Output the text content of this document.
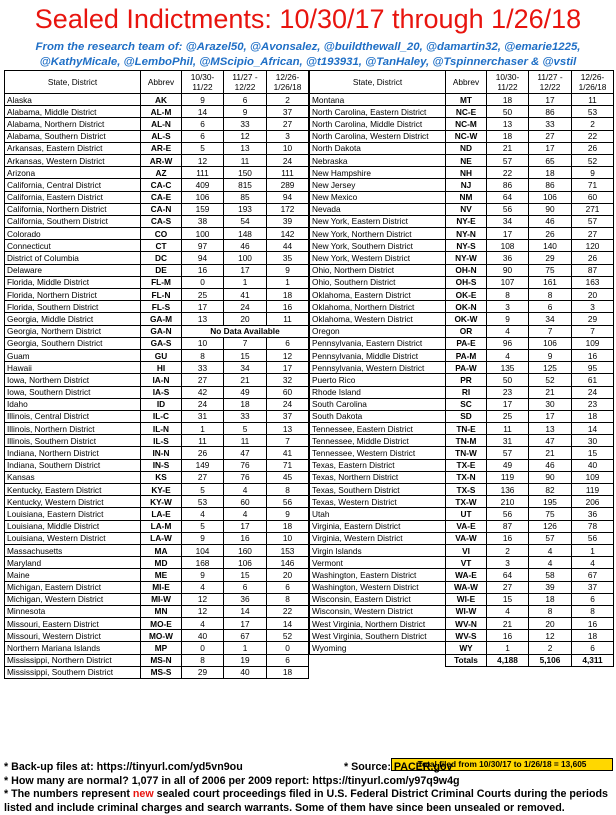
Sealed Indictments: 10/30/17 through 1/26/18
From the research team of: @Arazel50, @Avonsalez, @buildthewall_20, @damartin32, @emarie1225,
@KathyMicale, @LemboPhil, @MScipio_African, @t193931, @TanHaley, @Tspinnerchaser & @vstil
State, District	Abbrev	10/30-11/22	11/27 - 12/22	12/26-1/26/18
Alaska	AK	9	6	2
Alabama, Middle District	AL-M	14	9	37
Alabama, Northern District	AL-N	6	33	27
Alabama, Southern District	AL-S	6	12	3
Arkansas, Eastern District	AR-E	5	13	10
Arkansas, Western District	AR-W	12	11	24
Arizona	AZ	111	150	111
California, Central District	CA-C	409	815	289
California, Eastern District	CA-E	106	85	94
California, Northern District	CA-N	159	193	172
California, Southern District	CA-S	38	54	39
Colorado	CO	100	148	142
Connecticut	CT	97	46	44
District of Columbia	DC	94	100	35
Delaware	DE	16	17	9
Florida, Middle District	FL-M	0	1	1
Florida, Northern District	FL-N	25	41	18
Florida, Southern District	FL-S	17	24	16
Georgia, Middle District	GA-M	13	20	11
Georgia, Northern District	GA-N	No Data Available		
Georgia, Southern District	GA-S	10	7	6
Guam	GU	8	15	12
Hawaii	HI	33	34	17
Iowa, Northern District	IA-N	27	21	32
Iowa, Southern District	IA-S	42	49	60
Idaho	ID	24	18	24
Illinois, Central District	IL-C	31	33	37
Illinois, Northern District	IL-N	1	5	13
Illinois, Southern District	IL-S	11	11	7
Indiana, Northern District	IN-N	26	47	41
Indiana, Southern District	IN-S	149	76	71
Kansas	KS	27	76	45
Kentucky, Eastern District	KY-E	5	4	8
Kentucky, Western District	KY-W	53	60	56
Louisiana, Eastern District	LA-E	4	4	9
Louisiana, Middle District	LA-M	5	17	18
Louisiana, Western District	LA-W	9	16	10
Massachusetts	MA	104	160	153
Maryland	MD	168	106	146
Maine	ME	9	15	20
Michigan, Eastern District	MI-E	4	6	6
Michigan, Western District	MI-W	12	36	8
Minnesota	MN	12	14	22
Missouri, Eastern District	MO-E	4	17	14
Missouri, Western District	MO-W	40	67	52
Northern Mariana Islands	MP	0	1	0
Mississippi, Northern District	MS-N	8	19	6
Mississippi, Southern District	MS-S	29	40	18
State, District	Abbrev	10/30-11/22	11/27 - 12/22	12/26-1/26/18
Montana	MT	18	17	11
North Carolina, Eastern District	NC-E	50	86	53
North Carolina, Middle District	NC-M	13	33	2
North Carolina, Western District	NC-W	18	27	22
North Dakota	ND	21	17	26
Nebraska	NE	57	65	52
New Hampshire	NH	22	18	9
New Jersey	NJ	86	86	71
New Mexico	NM	64	106	60
Nevada	NV	56	90	271
New York, Eastern District	NY-E	34	46	57
New York, Northern District	NY-N	17	26	27
New York, Southern District	NY-S	108	140	120
New York, Western District	NY-W	36	29	26
Ohio, Northern District	OH-N	90	75	87
Ohio, Southern District	OH-S	107	161	163
Oklahoma, Eastern District	OK-E	8	8	20
Oklahoma, Northern District	OK-N	3	6	3
Oklahoma, Western District	OK-W	9	34	29
Oregon	OR	4	7	7
Pennsylvania, Eastern District	PA-E	96	106	109
Pennsylvania, Middle District	PA-M	4	9	16
Pennsylvania, Western District	PA-W	135	125	95
Puerto Rico	PR	50	52	61
Rhode Island	RI	23	21	24
South Carolina	SC	17	30	23
South Dakota	SD	25	17	18
Tennessee, Eastern District	TN-E	11	13	14
Tennessee, Middle District	TN-M	31	47	30
Tennessee, Western District	TN-W	57	21	15
Texas, Eastern District	TX-E	49	46	40
Texas, Northern District	TX-N	119	90	109
Texas, Southern District	TX-S	136	82	119
Texas, Western District	TX-W	210	195	206
Utah	UT	56	75	36
Virginia, Eastern District	VA-E	87	126	78
Virginia, Western District	VA-W	16	57	56
Virgin Islands	VI	2	4	1
Vermont	VT	3	4	4
Washington, Eastern District	WA-E	64	58	67
Washington, Western District	WA-W	27	39	37
Wisconsin, Eastern District	WI-E	15	18	6
Wisconsin, Western District	WI-W	4	8	8
West Virginia, Northern District	WV-N	21	20	16
West Virginia, Southern District	WV-S	16	12	18
Wyoming	WY	1	2	6
	Totals	4,188	5,106	4,311
Total filed from 10/30/17 to 1/26/18 = 13,605
* Back-up files at: https://tinyurl.com/yd5vn9ou	* Source: PACER.gov
* How many are normal? 1,077 in all of 2006 per 2009 report: https://tinyurl.com/y97q9w4g
* The numbers represent new sealed court proceedings filed in U.S. Federal District Criminal Courts during the periods listed and include criminal charges and search warrants. Some of them have since been unsealed or removed.
